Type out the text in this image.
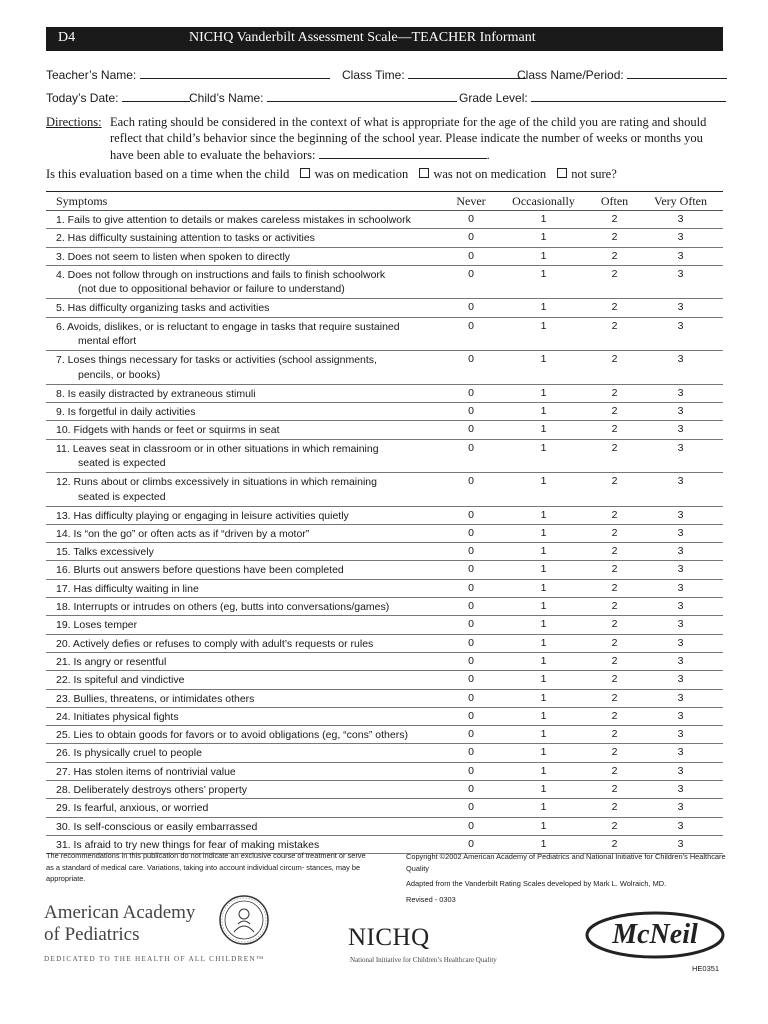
D4	NICHQ Vanderbilt Assessment Scale—TEACHER Informant
Teacher’s Name:	Class Time:	Class Name/Period:
Today’s Date:	Child’s Name:	Grade Level:
Directions: Each rating should be considered in the context of what is appropriate for the age of the child you are rating and should reflect that child’s behavior since the beginning of the school year. Please indicate the number of weeks or months you have been able to evaluate the behaviors:	.
Is this evaluation based on a time when the child was on medication was not on medication not sure?
Symptoms	Never	Occasionally	Often	Very Often
1. Fails to give attention to details or makes careless mistakes in schoolwork	0	1	2	3
2. Has difficulty sustaining attention to tasks or activities	0	1	2	3
3. Does not seem to listen when spoken to directly	0	1	2	3
4. Does not follow through on instructions and fails to finish schoolwork
(not due to oppositional behavior or failure to understand)	0	1	2	3
5. Has difficulty organizing tasks and activities	0	1	2	3
6. Avoids, dislikes, or is reluctant to engage in tasks that require sustained
mental effort	0	1	2	3
7. Loses things necessary for tasks or activities (school assignments,
pencils, or books)	0	1	2	3
8. Is easily distracted by extraneous stimuli	0	1	2	3
9. Is forgetful in daily activities	0	1	2	3
10. Fidgets with hands or feet or squirms in seat	0	1	2	3
11. Leaves seat in classroom or in other situations in which remaining
seated is expected	0	1	2	3
12. Runs about or climbs excessively in situations in which remaining
seated is expected	0	1	2	3
13. Has difficulty playing or engaging in leisure activities quietly	0	1	2	3
14. Is “on the go” or often acts as if “driven by a motor”	0	1	2	3
15. Talks excessively	0	1	2	3
16. Blurts out answers before questions have been completed	0	1	2	3
17. Has difficulty waiting in line	0	1	2	3
18. Interrupts or intrudes on others (eg, butts into conversations/games)	0	1	2	3
19. Loses temper	0	1	2	3
20. Actively defies or refuses to comply with adult’s requests or rules	0	1	2	3
21. Is angry or resentful	0	1	2	3
22. Is spiteful and vindictive	0	1	2	3
23. Bullies, threatens, or intimidates others	0	1	2	3
24. Initiates physical fights	0	1	2	3
25. Lies to obtain goods for favors or to avoid obligations (eg, “cons” others)	0	1	2	3
26. Is physically cruel to people	0	1	2	3
27. Has stolen items of nontrivial value	0	1	2	3
28. Deliberately destroys others’ property	0	1	2	3
29. Is fearful, anxious, or worried	0	1	2	3
30. Is self-conscious or easily embarrassed	0	1	2	3
31. Is afraid to try new things for fear of making mistakes	0	1	2	3
The recommendations in this publication do not indicate an exclusive course of treatment or serve as a standard of medical care. Variations, taking into account individual circum- stances, may be appropriate.
Copyright ©2002 American Academy of Pediatrics and National Initiative for Children’s Healthcare Quality
Adapted from the Vanderbilt Rating Scales developed by Mark L. Wolraich, MD.
Revised - 0303
American Academy of Pediatrics
DEDICATED TO THE HEALTH OF ALL CHILDREN™
NICHQ
National Initiative for Children’s Healthcare Quality
McNeil
HE0351
